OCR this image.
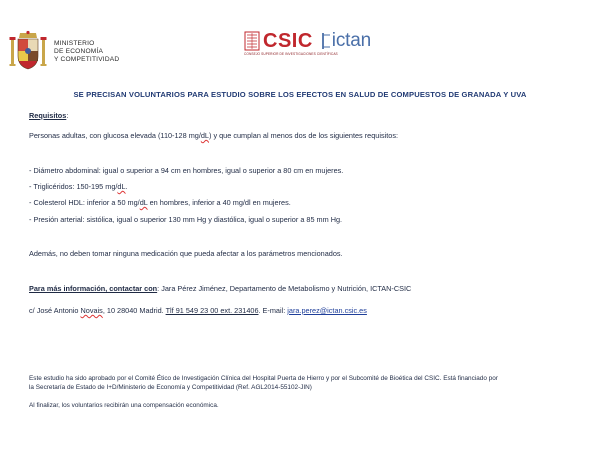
MINISTERIO
DE ECONOMÍA
Y COMPETITIVIDAD
CSIC
CONSEJO SUPERIOR DE INVESTIGACIONES CIENTÍFICAS
ictan
SE PRECISAN VOLUNTARIOS PARA ESTUDIO SOBRE LOS EFECTOS EN SALUD DE COMPUESTOS DE GRANADA Y UVA
Requisitos:
Personas adultas, con glucosa elevada (110-128 mg/dL) y que cumplan al menos dos de los siguientes requisitos:
- Diámetro abdominal: igual o superior a 94 cm en hombres, igual o superior a 80 cm en mujeres.
- Triglicéridos: 150-195 mg/dL.
- Colesterol HDL: inferior a 50 mg/dL en hombres, inferior a 40 mg/dl en mujeres.
- Presión arterial: sistólica, igual o superior 130 mm Hg y diastólica, igual o superior a 85 mm Hg.
Además, no deben tomar ninguna medicación que pueda afectar a los parámetros mencionados.
Para más información, contactar con: Jara Pérez Jiménez, Departamento de Metabolismo y Nutrición, ICTAN-CSIC
c/ José Antonio Novais, 10 28040 Madrid. Tlf 91 549 23 00 ext. 231406. E-mail: jara.perez@ictan.csic.es
Este estudio ha sido aprobado por el Comité Ético de Investigación Clínica del Hospital Puerta de Hierro y por el Subcomité de Bioética del CSIC. Está financiado por
la Secretaría de Estado de I+D/Ministerio de Economía y Competitividad (Ref. AGL2014-55102-JIN)
Al finalizar, los voluntarios recibirán una compensación económica.
